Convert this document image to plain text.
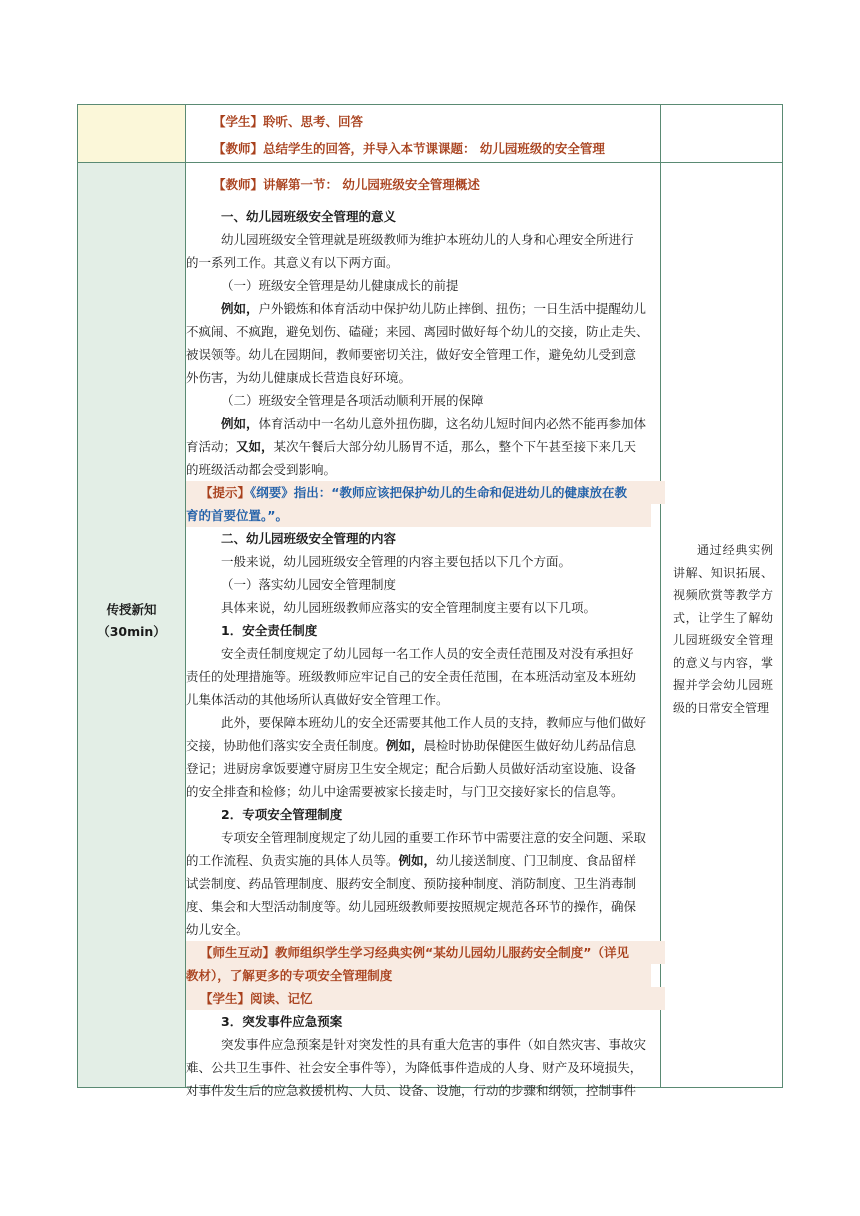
传授新知
（30min）
通过经典实例讲解、知识拓展、视频欣赏等教学方式，让学生了解幼儿园班级安全管理的意义与内容，掌握并学会幼儿园班级的日常安全管理
【学生】聆听、思考、回答
【教师】总结学生的回答，并导入本节课课题： 幼儿园班级的安全管理
【教师】讲解第一节： 幼儿园班级安全管理概述
一、幼儿园班级安全管理的意义
幼儿园班级安全管理就是班级教师为维护本班幼儿的人身和心理安全所进行
的一系列工作。其意义有以下两方面。
（一）班级安全管理是幼儿健康成长的前提
例如，户外锻炼和体育活动中保护幼儿防止摔倒、扭伤；一日生活中提醒幼儿
不疯闹、不疯跑，避免划伤、磕碰；来园、离园时做好每个幼儿的交接，防止走失、
被误领等。幼儿在园期间，教师要密切关注，做好安全管理工作，避免幼儿受到意
外伤害，为幼儿健康成长营造良好环境。
（二）班级安全管理是各项活动顺利开展的保障
例如，体育活动中一名幼儿意外扭伤脚，这名幼儿短时间内必然不能再参加体
育活动；又如，某次午餐后大部分幼儿肠胃不适，那么，整个下午甚至接下来几天
的班级活动都会受到影响。
【提示】《纲要》指出：“教师应该把保护幼儿的生命和促进幼儿的健康放在教
育的首要位置。”。
二、幼儿园班级安全管理的内容
一般来说，幼儿园班级安全管理的内容主要包括以下几个方面。
（一）落实幼儿园安全管理制度
具体来说，幼儿园班级教师应落实的安全管理制度主要有以下几项。
1．安全责任制度
安全责任制度规定了幼儿园每一名工作人员的安全责任范围及对没有承担好
责任的处理措施等。班级教师应牢记自己的安全责任范围，在本班活动室及本班幼
儿集体活动的其他场所认真做好安全管理工作。
此外，要保障本班幼儿的安全还需要其他工作人员的支持，教师应与他们做好
交接，协助他们落实安全责任制度。例如，晨检时协助保健医生做好幼儿药品信息
登记；进厨房拿饭要遵守厨房卫生安全规定；配合后勤人员做好活动室设施、设备
的安全排查和检修；幼儿中途需要被家长接走时，与门卫交接好家长的信息等。
2．专项安全管理制度
专项安全管理制度规定了幼儿园的重要工作环节中需要注意的安全问题、采取
的工作流程、负责实施的具体人员等。例如，幼儿接送制度、门卫制度、食品留样
试尝制度、药品管理制度、服药安全制度、预防接种制度、消防制度、卫生消毒制
度、集会和大型活动制度等。幼儿园班级教师要按照规定规范各环节的操作，确保
幼儿安全。
【师生互动】教师组织学生学习经典实例“某幼儿园幼儿服药安全制度”（详见
教材），了解更多的专项安全管理制度
【学生】阅读、记忆
3．突发事件应急预案
突发事件应急预案是针对突发性的具有重大危害的事件（如自然灾害、事故灾
难、公共卫生事件、社会安全事件等），为降低事件造成的人身、财产及环境损失，
对事件发生后的应急救援机构、人员、设备、设施，行动的步骤和纲领，控制事件
